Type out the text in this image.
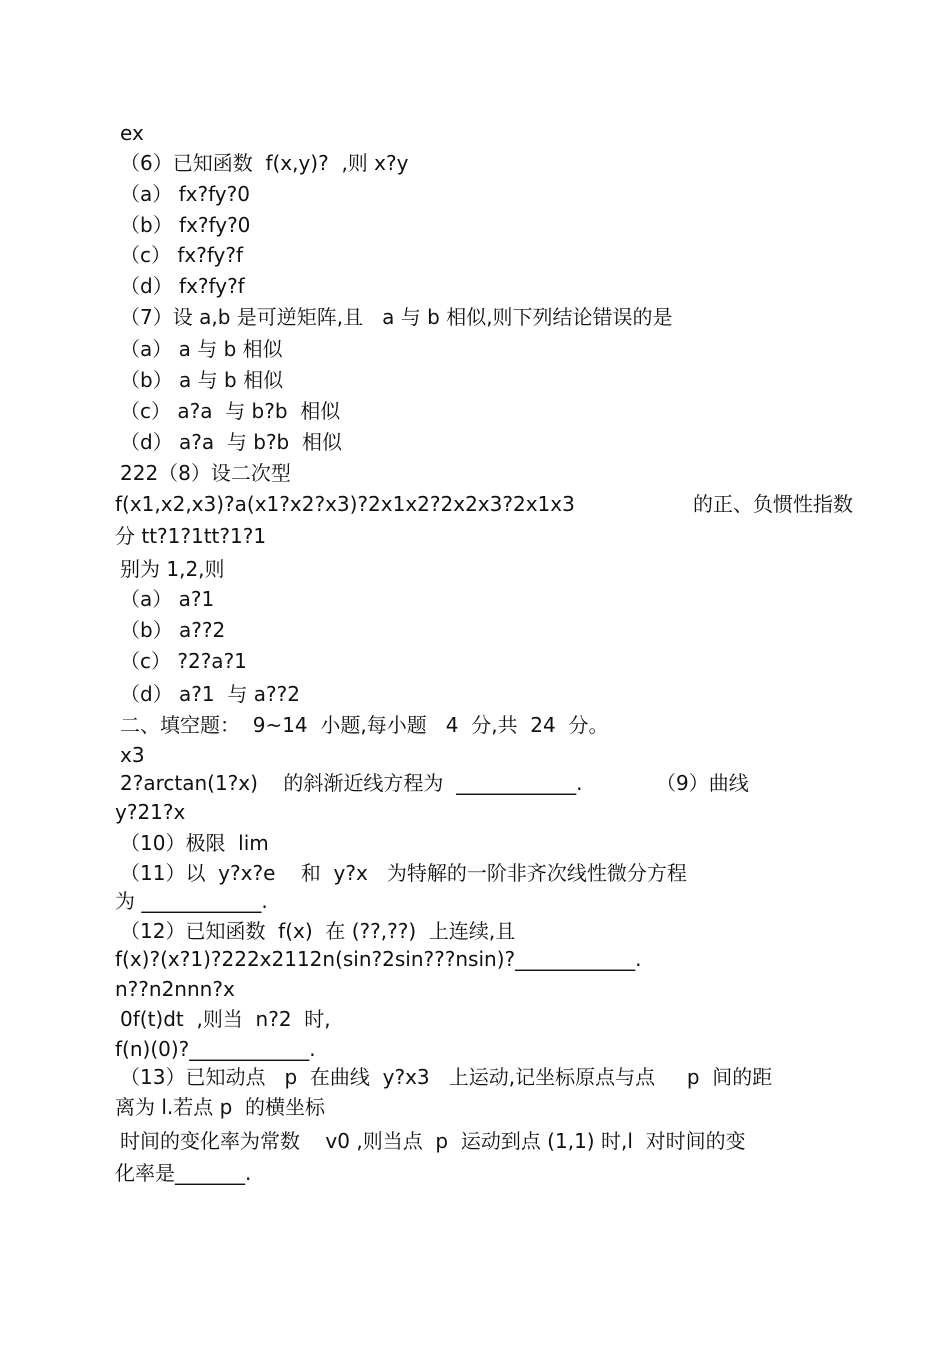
ex
（6）已知函数  f(x,y)?  ,则 x?y
（a） fx?fy?0
（b） fx?fy?0
（c） fx?fy?f
（d） fx?fy?f
（7）设 a,b 是可逆矩阵,且   a 与 b 相似,则下列结论错误的是
（a） a 与 b 相似
（b） a 与 b 相似
（c） a?a  与 b?b  相似
（d） a?a  与 b?b  相似
222（8）设二次型
f(x1,x2,x3)?a(x1?x2?x3)?2x1x2?2x2x3?2x1x3	的正、负惯性指数
分 tt?1?1tt?1?1
别为 1,2,则
（a） a?1
（b） a??2
（c） ?2?a?1
（d） a?1  与 a??2
二、填空题：  9~14  小题,每小题   4  分,共  24  分。
x3
2?arctan(1?x)    的斜渐近线方程为  ____________.	（9）曲线
y?21?x
（10）极限  lim
（11）以  y?x?e    和  y?x   为特解的一阶非齐次线性微分方程
为 ____________.
（12）已知函数  f(x)  在 (??,??)  上连续,且
f(x)?(x?1)?222x2112n(sin?2sin???nsin)?____________.
n??n2nnn?x
0f(t)dt  ,则当  n?2  时,
f(n)(0)?____________.
（13）已知动点   p  在曲线  y?x3   上运动,记坐标原点与点     p  间的距
离为 l.若点 p  的横坐标
时间的变化率为常数    v0 ,则当点  p  运动到点 (1,1) 时,l  对时间的变
化率是_______.
